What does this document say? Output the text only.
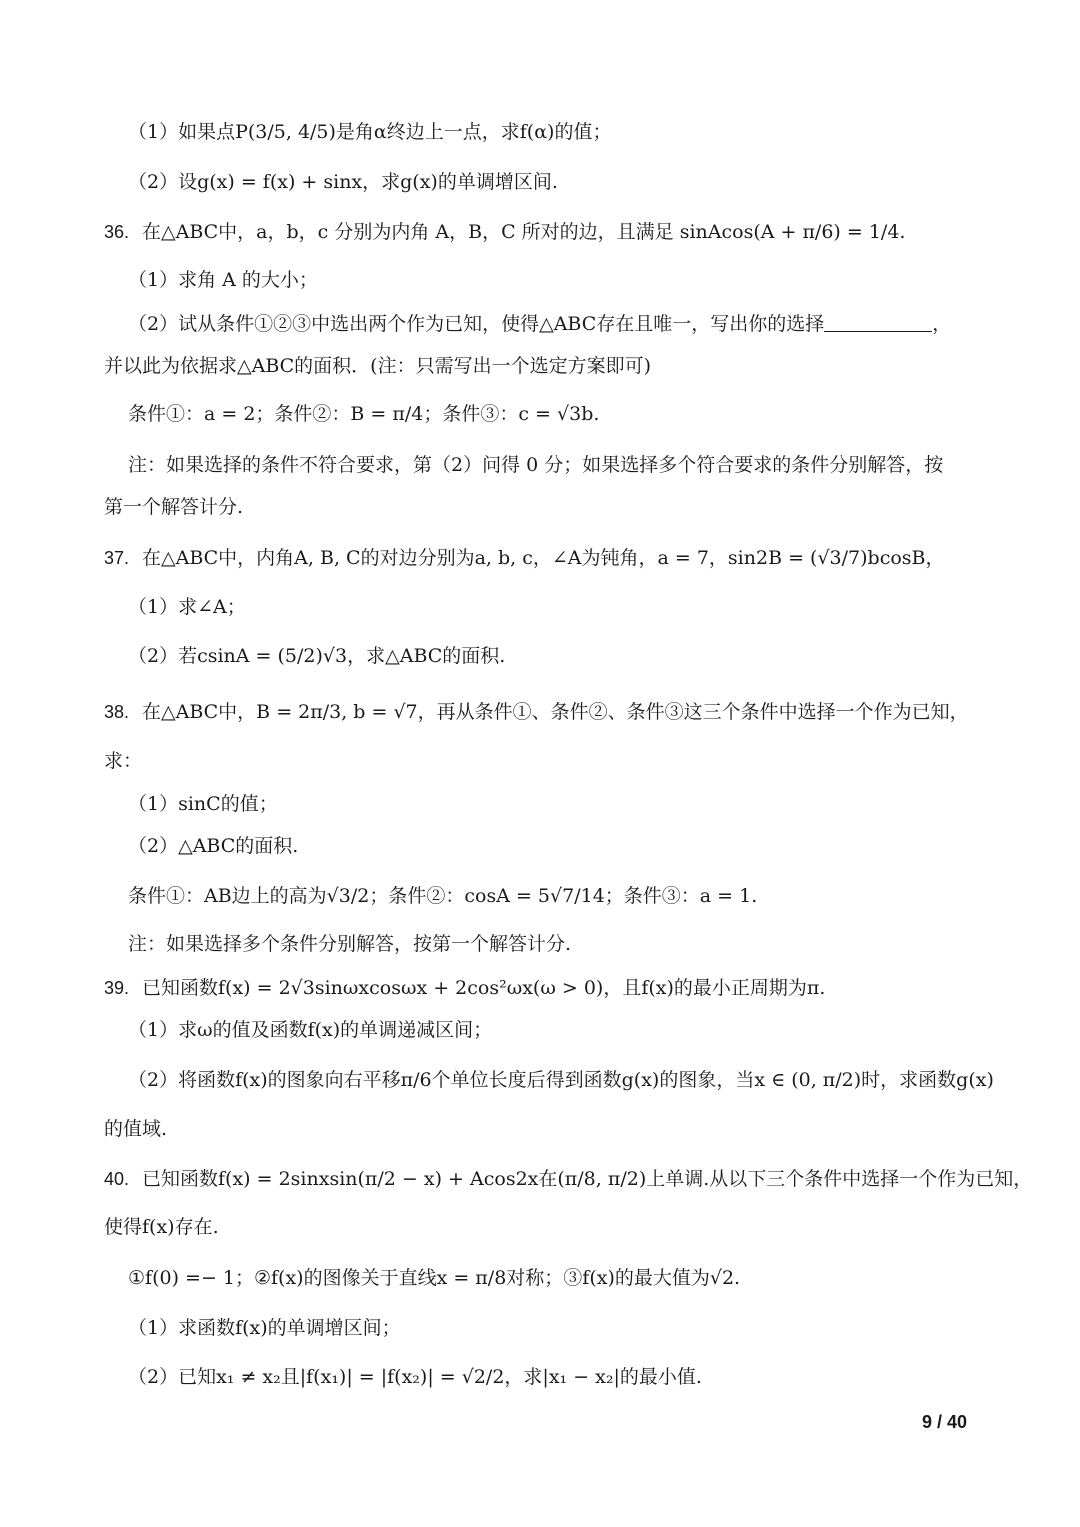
（1）如果点P(3/5, 4/5)是角α终边上一点，求f(α)的值；
（2）设g(x) = f(x) + sinx，求g(x)的单调增区间.
36. 在△ABC中，a，b，c 分别为内角 A，B，C 所对的边，且满足 sinAcos(A + π/6) = 1/4.
（1）求角 A 的大小；
（2）试从条件①②③中选出两个作为已知，使得△ABC存在且唯一，写出你的选择	，
并以此为依据求△ABC的面积．(注：只需写出一个选定方案即可)
条件①：a = 2；条件②：B = π/4；条件③：c = √3b.
注：如果选择的条件不符合要求，第（2）问得 0 分；如果选择多个符合要求的条件分别解答，按
第一个解答计分.
37. 在△ABC中，内角A, B, C的对边分别为a, b, c，∠A为钝角，a = 7，sin2B = (√3/7)bcosB，
（1）求∠A；
（2）若csinA = (5/2)√3，求△ABC的面积.
38. 在△ABC中，B = 2π/3, b = √7，再从条件①、条件②、条件③这三个条件中选择一个作为已知，
求：
（1）sinC的值；
（2）△ABC的面积.
条件①：AB边上的高为√3/2；条件②：cosA = 5√7/14；条件③：a = 1.
注：如果选择多个条件分别解答，按第一个解答计分.
39. 已知函数f(x) = 2√3sinωxcosωx + 2cos²ωx(ω > 0)，且f(x)的最小正周期为π.
（1）求ω的值及函数f(x)的单调递减区间；
（2）将函数f(x)的图象向右平移π/6个单位长度后得到函数g(x)的图象，当x ∈ (0, π/2)时，求函数g(x)
的值域.
40. 已知函数f(x) = 2sinxsin(π/2 − x) + Acos2x在(π/8, π/2)上单调.从以下三个条件中选择一个作为已知，
使得f(x)存在.
①f(0) =− 1；②f(x)的图像关于直线x = π/8对称；③f(x)的最大值为√2.
（1）求函数f(x)的单调增区间；
（2）已知x₁ ≠ x₂且|f(x₁)| = |f(x₂)| = √2/2，求|x₁ − x₂|的最小值.
9 / 40
